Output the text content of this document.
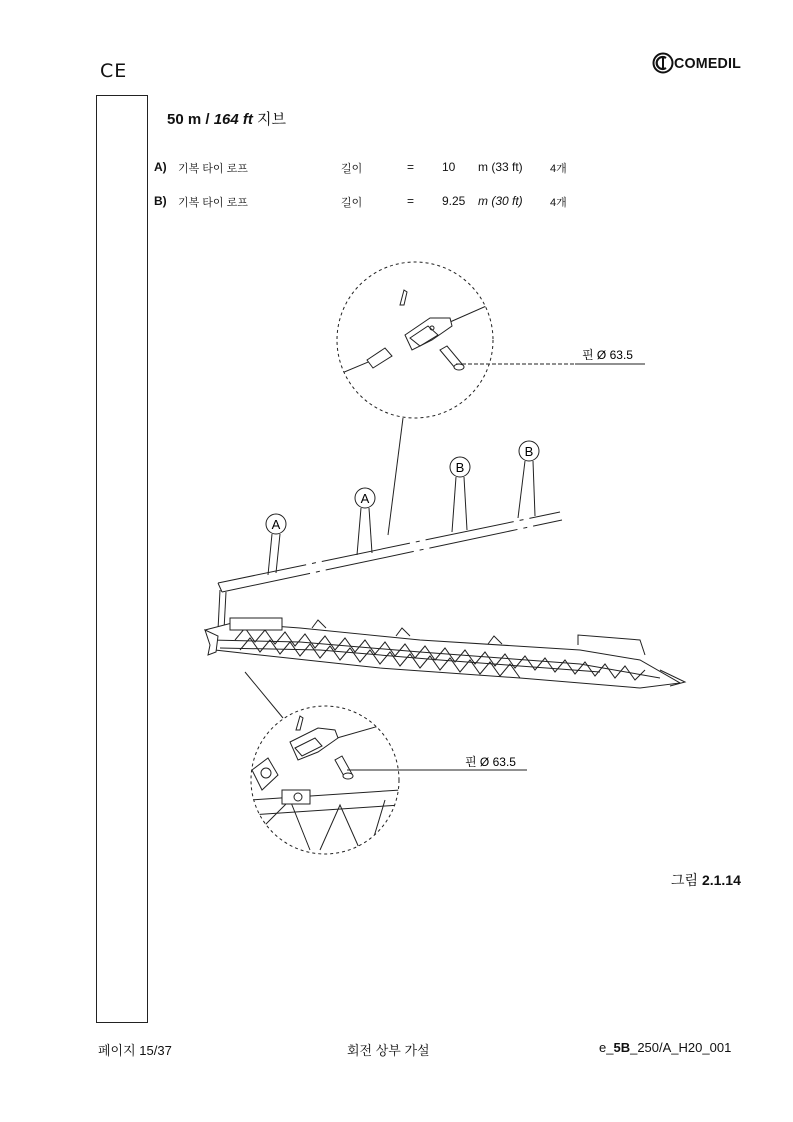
CE	COMEDIL
50 m / 164 ft 지브
A) 기복 타이 로프	길이	= 10 m (33 ft) 4개
B) 기복 타이 로프	길이	= 9.25 m (30 ft) 4개
핀 Ø 63.5
A
A
B
B
핀 Ø 63.5
그림 2.1.14
페이지 15/37	회전 상부 가설	e_5B_250/A_H20_001
